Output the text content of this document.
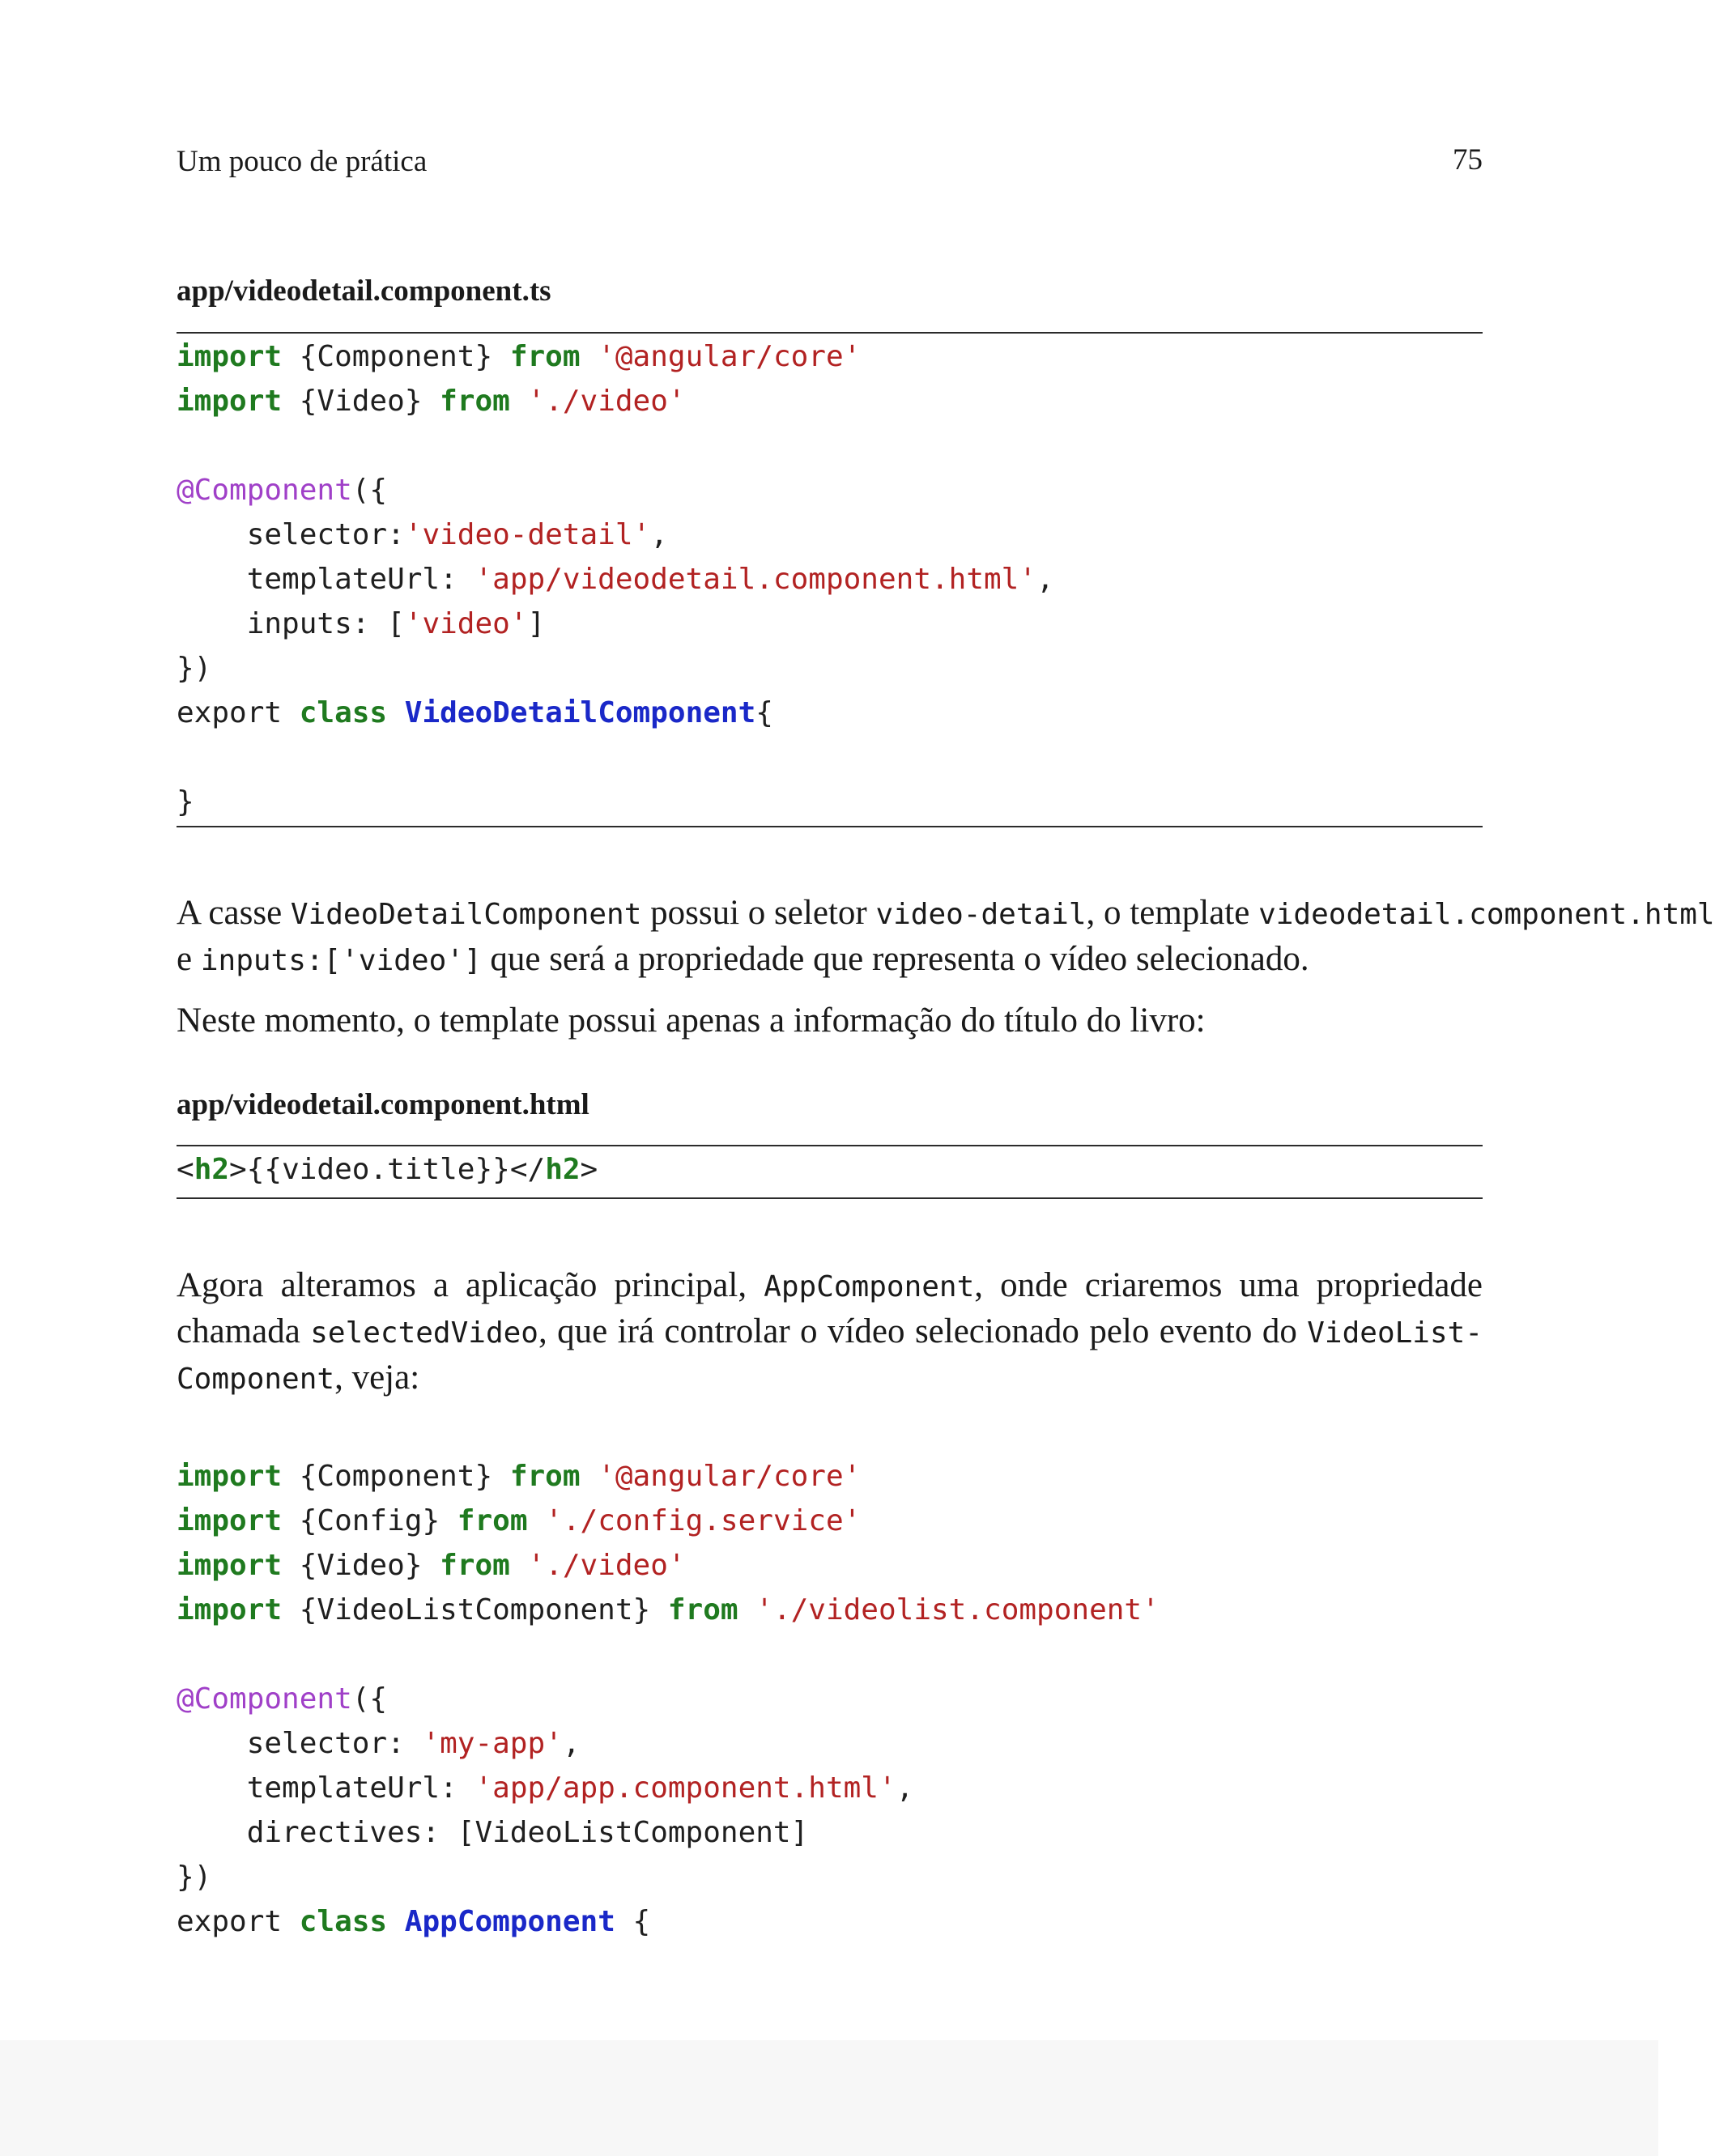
Um pouco de prática	75
app/videodetail.component.ts
import {Component} from '@angular/core'
import {Video} from './video'
@Component({
selector:'video-detail',
templateUrl: 'app/videodetail.component.html',
inputs: ['video']
})
export class VideoDetailComponent{
}
A casse VideoDetailComponent possui o seletor video-detail, o template videodetail.component.html
e inputs:['video'] que será a propriedade que representa o vídeo selecionado.
Neste momento, o template possui apenas a informação do título do livro:
app/videodetail.component.html
<h2>{{video.title}}</h2>
Agora alteramos a aplicação principal, AppComponent, onde criaremos uma propriedade
chamada selectedVideo, que irá controlar o vídeo selecionado pelo evento do VideoList-
Component, veja:
import {Component} from '@angular/core'
import {Config} from './config.service'
import {Video} from './video'
import {VideoListComponent} from './videolist.component'
@Component({
selector: 'my-app',
templateUrl: 'app/app.component.html',
directives: [VideoListComponent]
})
export class AppComponent {
